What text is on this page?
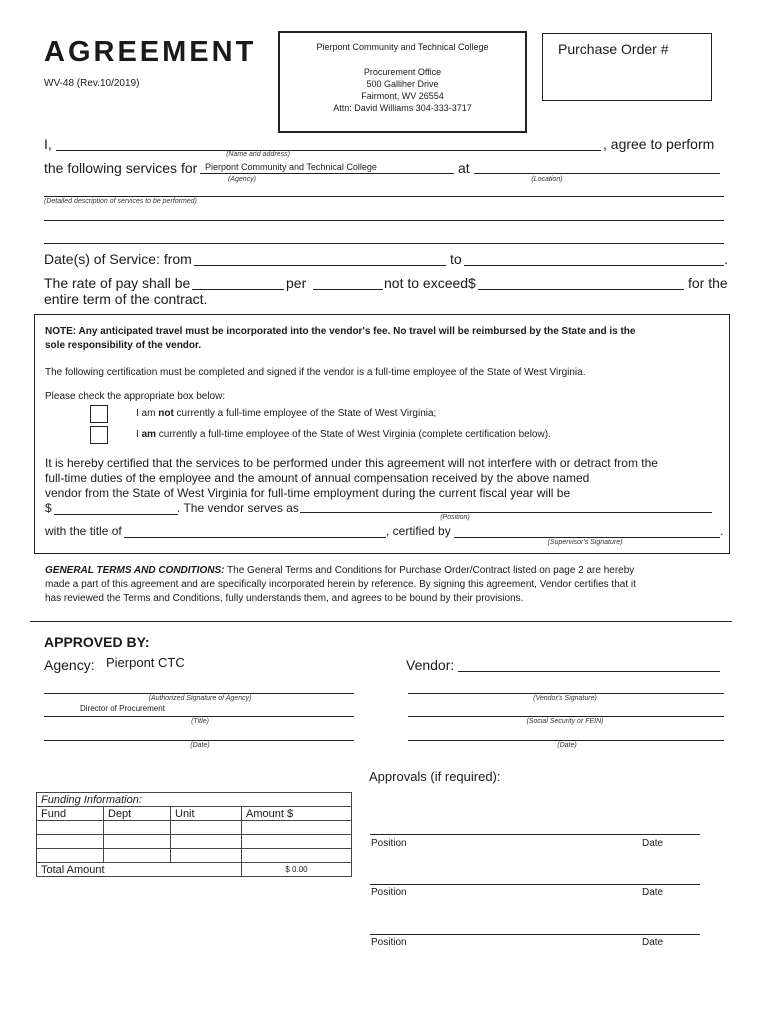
AGREEMENT
WV-48 (Rev.10/2019)
Pierpont Community and Technical College
Procurement Office
500 Galliher Drive
Fairmont, WV 26554
Attn: David Williams 304-333-3717
Purchase Order #
I,	, agree to perform
(Name and address)
the following services for Pierpont Community and Technical College	at
(Agency)	(Location)
(Detailed description of services to be performed)
Date(s) of Service: from	to	.
The rate of pay shall be	per	not to exceed$	for the
entire term of the contract.
NOTE: Any anticipated travel must be incorporated into the vendor's fee. No travel will be reimbursed by the State and is the
sole responsibility of the vendor.
The following certification must be completed and signed if the vendor is a full-time employee of the State of West Virginia.
Please check the appropriate box below:
I am not currently a full-time employee of the State of West Virginia;
I am currently a full-time employee of the State of West Virginia (complete certification below).
It is hereby certified that the services to be performed under this agreement will not interfere with or detract from the
full-time duties of the employee and the amount of annual compensation received by the above named
vendor from the State of West Virginia for full-time employment during the current fiscal year will be
$	. The vendor serves as
(Position)
with the title of	, certified by	.
(Supervisor's Signature)
GENERAL TERMS AND CONDITIONS: The General Terms and Conditions for Purchase Order/Contract listed on page 2 are hereby
made a part of this agreement and are specifically incorporated herein by reference. By signing this agreement, Vendor certifies that it
has reviewed the Terms and Conditions, fully understands them, and agrees to be bound by their provisions.
APPROVED BY:
Agency: Pierpont CTC	Vendor:
(Authorized Signature of Agency)
Director of Procurement
(Title)
(Date)
(Vendor's Signature)
(Social Security or FEIN)
(Date)
Funding Information:			
Fund	Dept	Unit	Amount $

Total Amount			$ 0.00
Approvals (if required):
Position	Date
Position	Date
Position	Date
